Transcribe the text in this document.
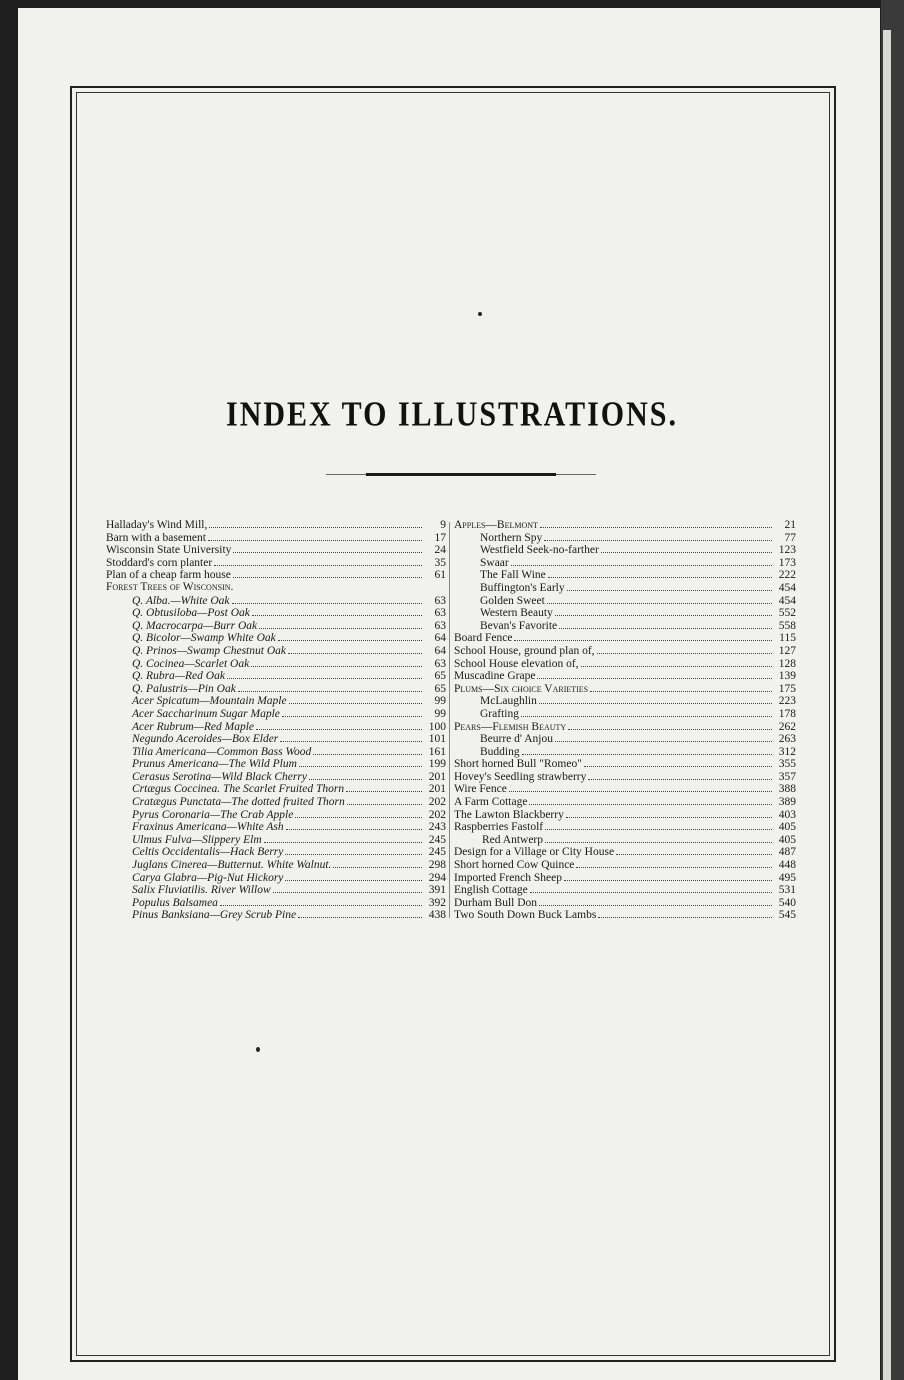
INDEX TO ILLUSTRATIONS.
Halladay's Wind Mill,	9
Barn with a basement	17
Wisconsin State University	24
Stoddard's corn planter	35
Plan of a cheap farm house	61
Forest Trees of Wisconsin.
Q. Alba.—White Oak	63
Q. Obtusiloba—Post Oak	63
Q. Macrocarpa—Burr Oak	63
Q. Bicolor—Swamp White Oak	64
Q. Prinos—Swamp Chestnut Oak	64
Q. Cocinea—Scarlet Oak	63
Q. Rubra—Red Oak	65
Q. Palustris—Pin Oak	65
Acer Spicatum—Mountain Maple	99
Acer Saccharinum Sugar Maple	99
Acer Rubrum—Red Maple	100
Negundo Aceroides—Box Elder	101
Tilia Americana—Common Bass Wood	161
Prunus Americana—The Wild Plum	199
Cerasus Serotina—Wild Black Cherry	201
Crtægus Coccinea. The Scarlet Fruited Thorn	201
Cratægus Punctata—The dotted fruited Thorn	202
Pyrus Coronaria—The Crab Apple	202
Fraxinus Americana—White Ash	243
Ulmus Fulva—Slippery Elm	245
Celtis Occidentalis—Hack Berry	245
Juglans Cinerea—Butternut. White Walnut.	298
Carya Glabra—Pig-Nut Hickory	294
Salix Fluviatilis. River Willow	391
Populus Balsamea	392
Pinus Banksiana—Grey Scrub Pine	438
Apples—Belmont	21
Northern Spy	77
Westfield Seek-no-farther	123
Swaar	173
The Fall Wine	222
Buffington's Early	454
Golden Sweet	454
Western Beauty	552
Bevan's Favorite	558
Board Fence	115
School House, ground plan of,	127
School House elevation of,	128
Muscadine Grape	139
Plums—Six choice Varieties	175
McLaughlin	223
Grafting	178
Pears—Flemish Beauty	262
Beurre d' Anjou	263
Budding	312
Short horned Bull "Romeo"	355
Hovey's Seedling strawberry	357
Wire Fence	388
A Farm Cottage	389
The Lawton Blackberry	403
Raspberries Fastolf	405
Red Antwerp	405
Design for a Village or City House	487
Short horned Cow Quince	448
Imported French Sheep	495
English Cottage	531
Durham Bull Don	540
Two South Down Buck Lambs	545
